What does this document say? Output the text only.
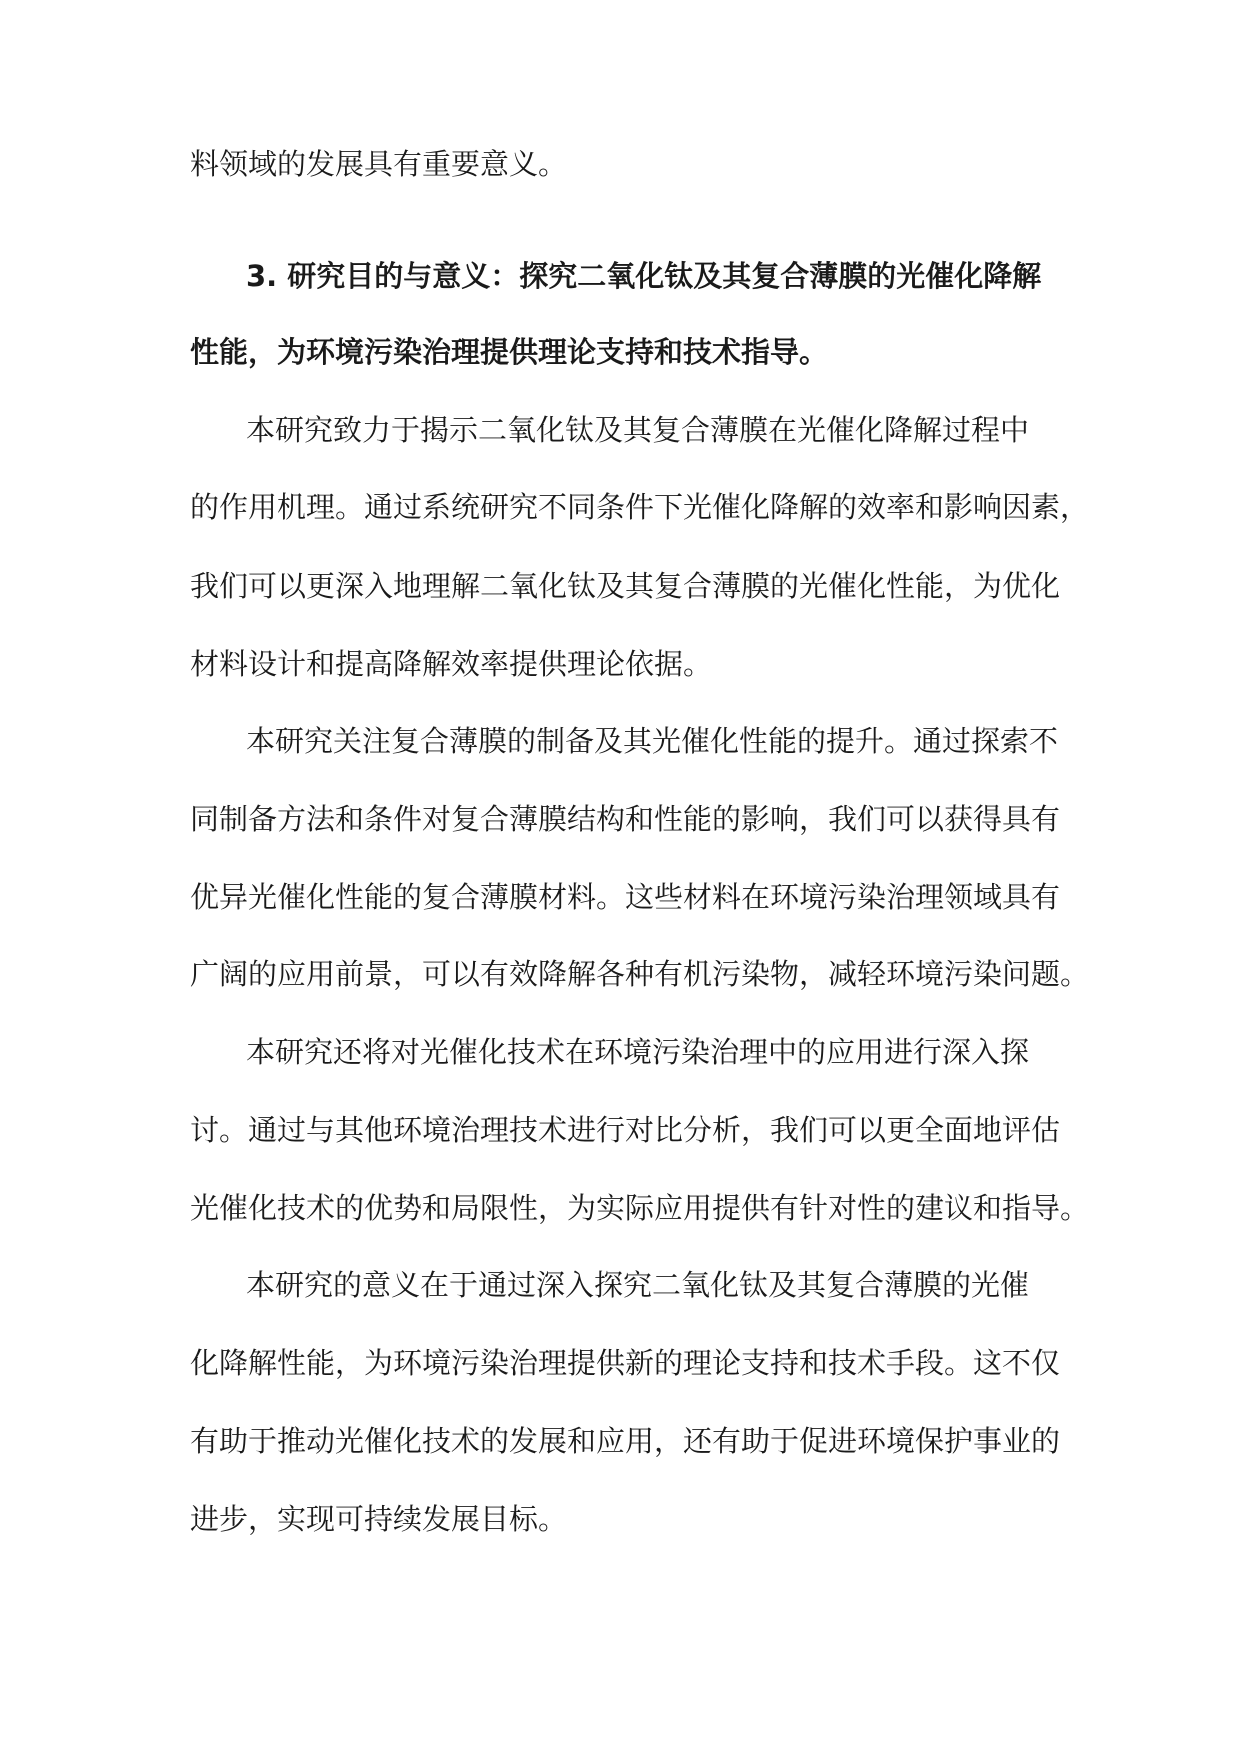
料领域的发展具有重要意义。
3. 研究目的与意义：探究二氧化钛及其复合薄膜的光催化降解
性能，为环境污染治理提供理论支持和技术指导。
本研究致力于揭示二氧化钛及其复合薄膜在光催化降解过程中
的作用机理。通过系统研究不同条件下光催化降解的效率和影响因素，
我们可以更深入地理解二氧化钛及其复合薄膜的光催化性能，为优化
材料设计和提高降解效率提供理论依据。
本研究关注复合薄膜的制备及其光催化性能的提升。通过探索不
同制备方法和条件对复合薄膜结构和性能的影响，我们可以获得具有
优异光催化性能的复合薄膜材料。这些材料在环境污染治理领域具有
广阔的应用前景，可以有效降解各种有机污染物，减轻环境污染问题。
本研究还将对光催化技术在环境污染治理中的应用进行深入探
讨。通过与其他环境治理技术进行对比分析，我们可以更全面地评估
光催化技术的优势和局限性，为实际应用提供有针对性的建议和指导。
本研究的意义在于通过深入探究二氧化钛及其复合薄膜的光催
化降解性能，为环境污染治理提供新的理论支持和技术手段。这不仅
有助于推动光催化技术的发展和应用，还有助于促进环境保护事业的
进步，实现可持续发展目标。
